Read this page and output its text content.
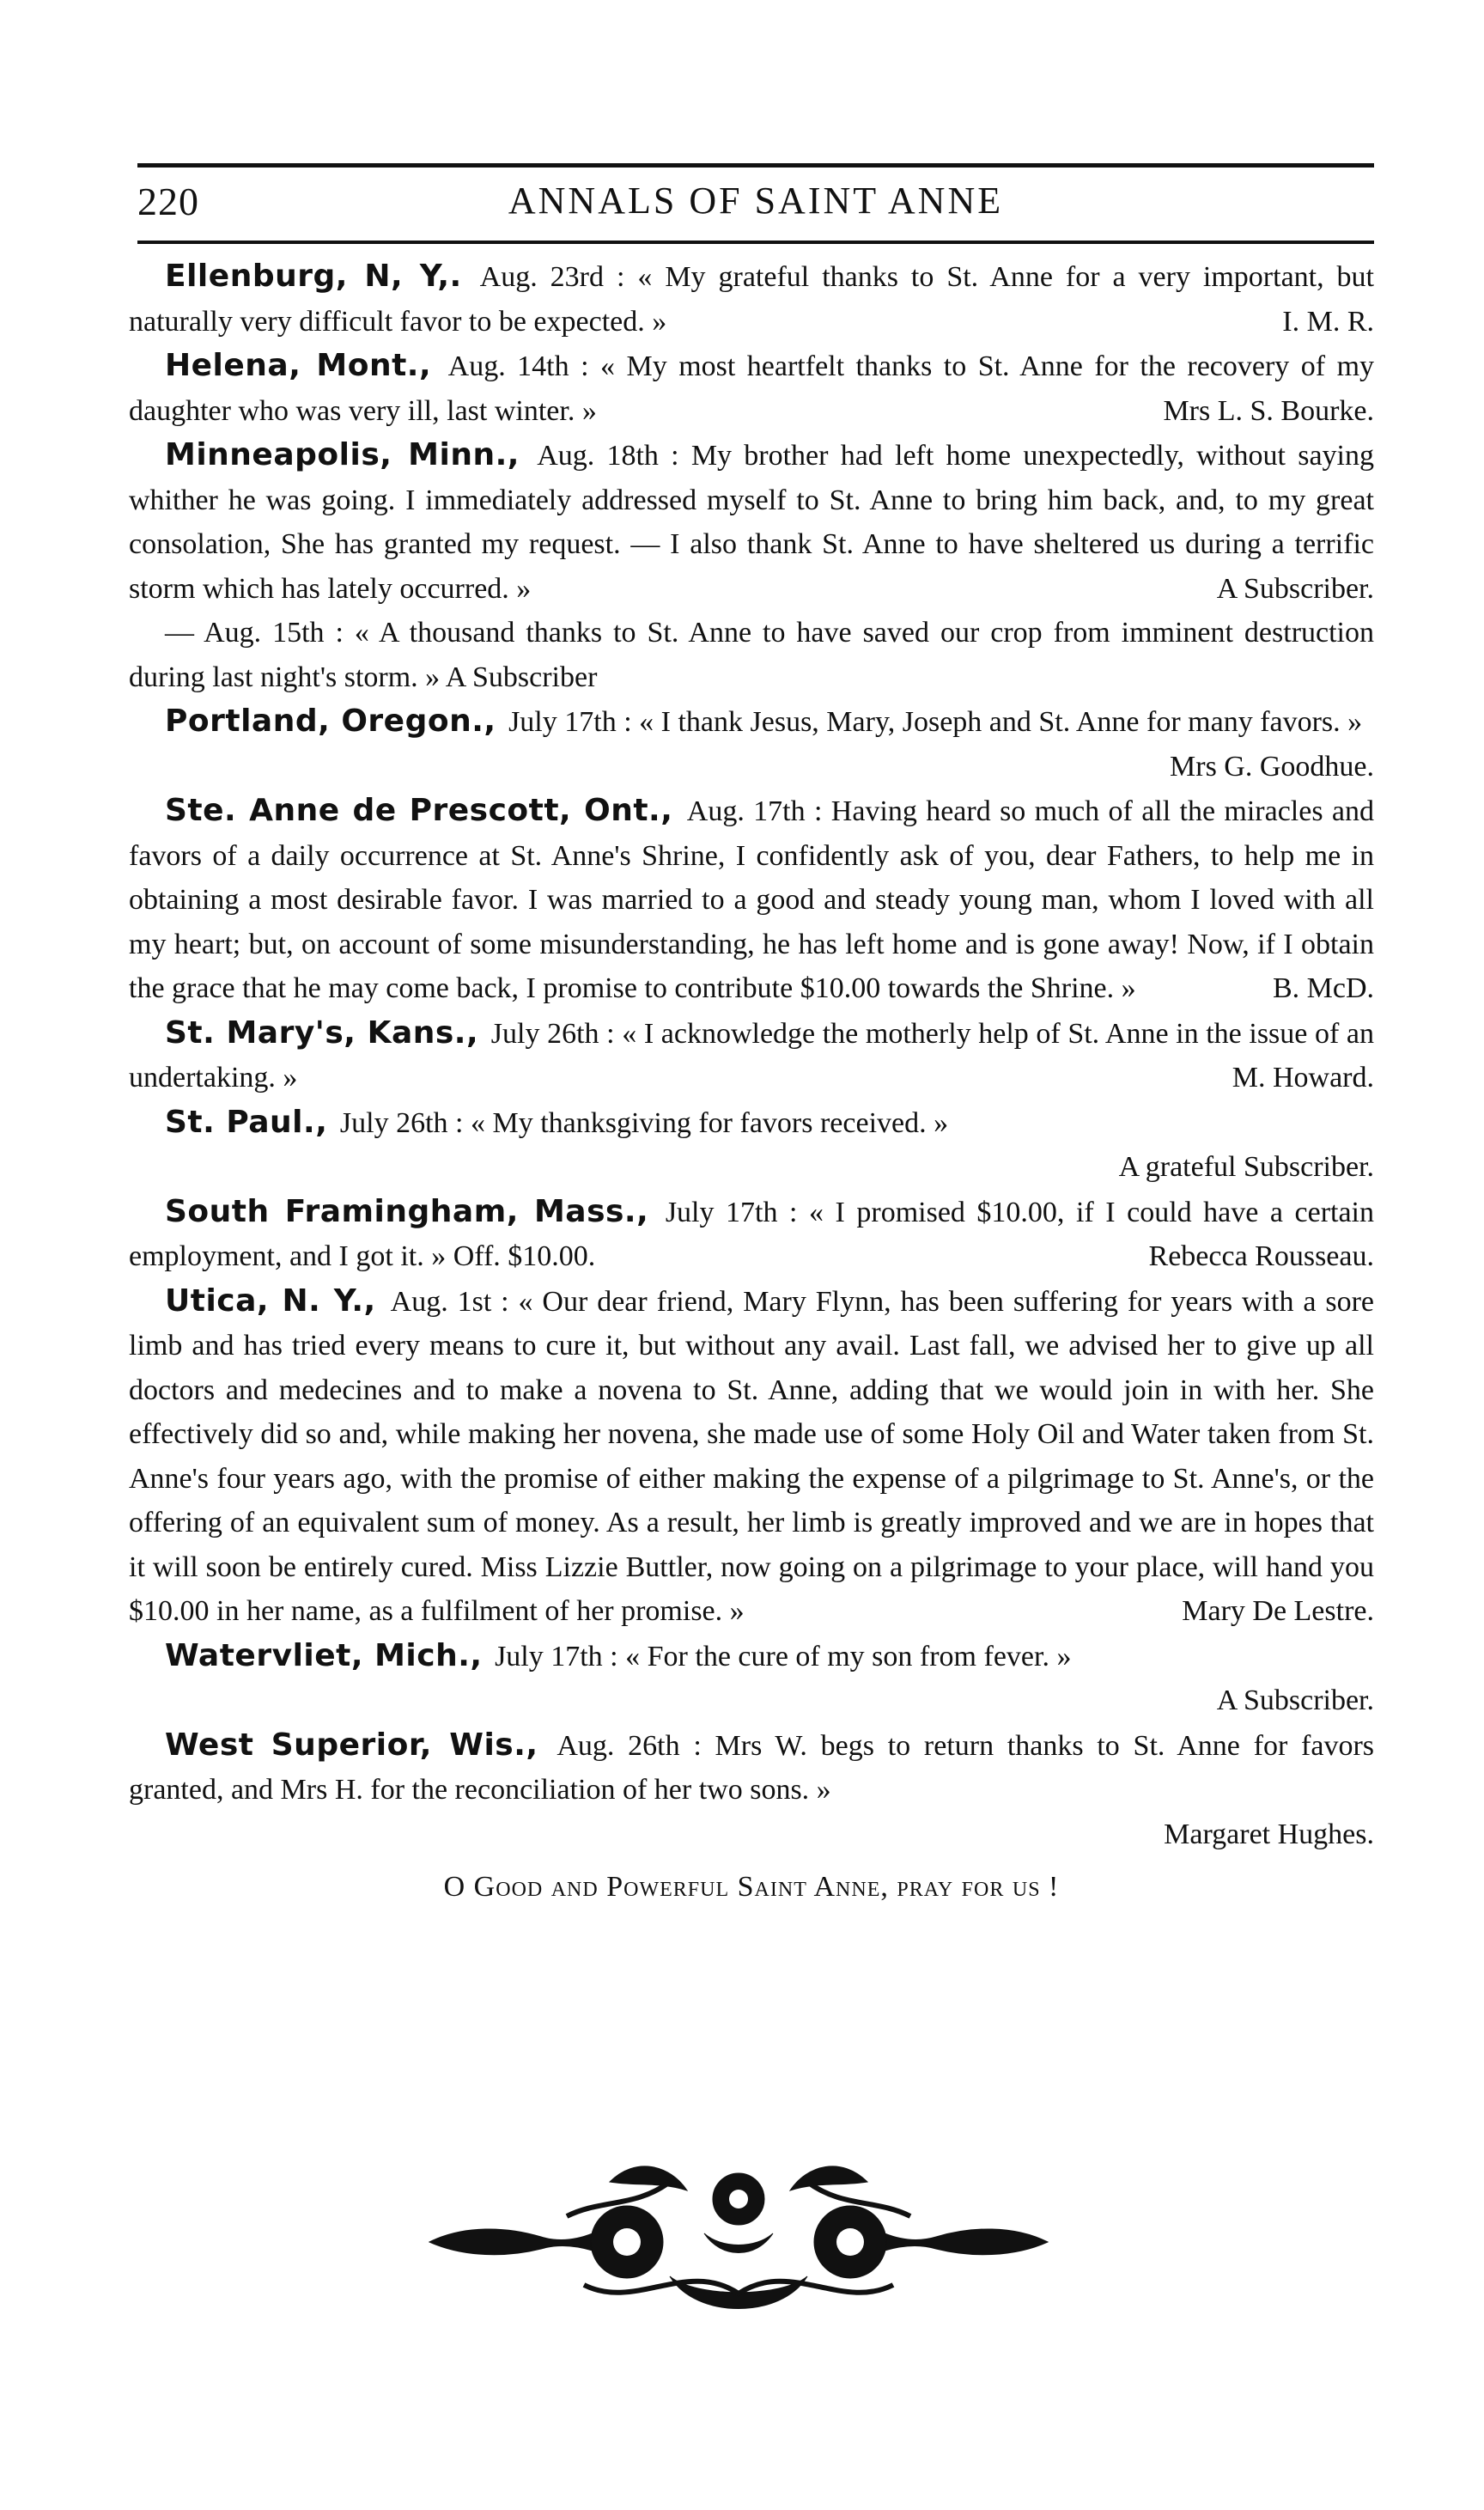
220	ANNALS OF SAINT ANNE

Ellenburg, N, Y,. Aug. 23rd : « My grateful thanks to St. Anne for a very important, but naturally very difficult favor to be expected. »	I. M. R.

Helena, Mont., Aug. 14th : « My most heartfelt thanks to St. Anne for the recovery of my daughter who was very ill, last winter. »	Mrs L. S. Bourke.

Minneapolis, Minn., Aug. 18th : My brother had left home unexpectedly, without saying whither he was going. I immediately addressed myself to St. Anne to bring him back, and, to my great consolation, She has granted my request. — I also thank St. Anne to have sheltered us during a terrific storm which has lately occurred. »	A Subscriber.

— Aug. 15th : « A thousand thanks to St. Anne to have saved our crop from imminent destruction during last night's storm. » A Subscriber

Portland, Oregon., July 17th : « I thank Jesus, Mary, Joseph and St. Anne for many favors. »
Mrs G. Goodhue.

Ste. Anne de Prescott, Ont., Aug. 17th : Having heard so much of all the miracles and favors of a daily occurrence at St. Anne's Shrine, I confidently ask of you, dear Fathers, to help me in obtaining a most desirable favor. I was married to a good and steady young man, whom I loved with all my heart; but, on account of some misunderstanding, he has left home and is gone away! Now, if I obtain the grace that he may come back, I promise to contribute $10.00 towards the Shrine. »	B. McD.

St. Mary's, Kans., July 26th : « I acknowledge the motherly help of St. Anne in the issue of an undertaking. »	M. Howard.

St. Paul., July 26th : « My thanksgiving for favors received. »

A grateful Subscriber.

South Framingham, Mass., July 17th : « I promised $10.00, if I could have a certain employment, and I got it. » Off. $10.00.	Rebecca Rousseau.

Utica, N. Y., Aug. 1st : « Our dear friend, Mary Flynn, has been suffering for years with a sore limb and has tried every means to cure it, but without any avail. Last fall, we advised her to give up all doctors and medecines and to make a novena to St. Anne, adding that we would join in with her. She effectively did so and, while making her novena, she made use of some Holy Oil and Water taken from St. Anne's four years ago, with the promise of either making the expense of a pilgrimage to St. Anne's, or the offering of an equivalent sum of money. As a result, her limb is greatly improved and we are in hopes that it will soon be entirely cured. Miss Lizzie Buttler, now going on a pilgrimage to your place, will hand you $10.00 in her name, as a fulfilment of her promise. »	Mary De Lestre.

Watervliet, Mich., July 17th : « For the cure of my son from fever. »

A Subscriber.

West Superior, Wis., Aug. 26th : Mrs W. begs to return thanks to St. Anne for favors granted, and Mrs H. for the reconciliation of her two sons. »

Margaret Hughes.

O Good and Powerful Saint Anne, pray for us !
